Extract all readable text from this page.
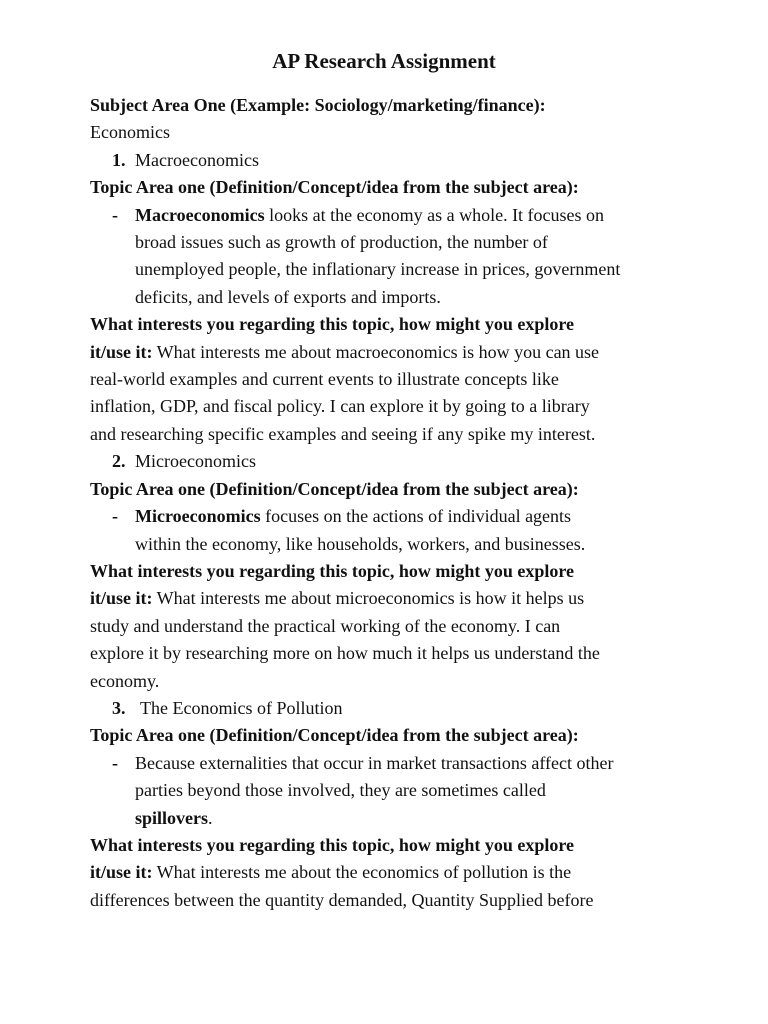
AP Research Assignment

Subject Area One (Example: Sociology/marketing/finance):

Economics

1. Macroeconomics

Topic Area one (Definition/Concept/idea from the subject area):

- Macroeconomics looks at the economy as a whole. It focuses on

broad issues such as growth of production, the number of

unemployed people, the inflationary increase in prices, government

deficits, and levels of exports and imports.

What interests you regarding this topic, how might you explore

it/use it: What interests me about macroeconomics is how you can use

real-world examples and current events to illustrate concepts like

inflation, GDP, and fiscal policy. I can explore it by going to a library

and researching specific examples and seeing if any spike my interest.

2. Microeconomics

Topic Area one (Definition/Concept/idea from the subject area):

- Microeconomics focuses on the actions of individual agents

within the economy, like households, workers, and businesses.

What interests you regarding this topic, how might you explore

it/use it: What interests me about microeconomics is how it helps us

study and understand the practical working of the economy. I can

explore it by researching more on how much it helps us understand the

economy.

3. The Economics of Pollution

Topic Area one (Definition/Concept/idea from the subject area):

- Because externalities that occur in market transactions affect other

parties beyond those involved, they are sometimes called

spillovers.

What interests you regarding this topic, how might you explore

it/use it: What interests me about the economics of pollution is the

differences between the quantity demanded, Quantity Supplied before
